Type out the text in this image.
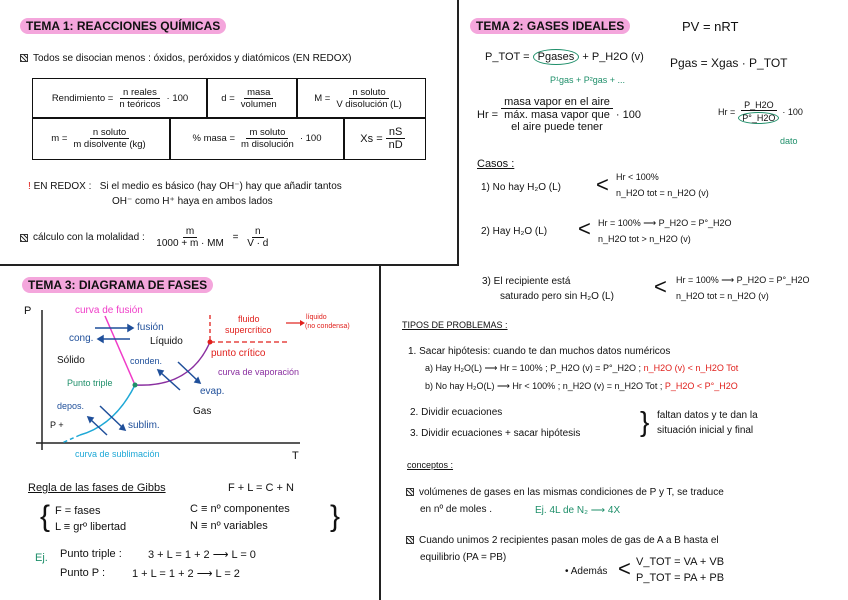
TEMA 1: REACCIONES QUÍMICAS
Todos se disocian menos : óxidos, peróxidos y diatómicos (EN REDOX)
Rendimiento = $\frac{\text{n reales}}{\text{n teóricos}} \cdot 100$	$d = \frac{\text{masa}}{\text{volumen}}$	$M = \frac{\text{n soluto}}{\text{V disolución (L)}}$
$m = \frac{\text{n soluto}}{\text{m disolvente (kg)}}$	% masa = $\frac{\text{m soluto}}{\text{m disolución}} \cdot 100$	$Xs = \frac{nS}{nD}$
! EN REDOX : Si el medio es básico (hay OH⁻) hay que añadir tantos
OH⁻ como H⁺ haya en ambos lados
cálculo con la molalidad :
$\frac{m}{1000 + m \cdot MM}$
=
$\frac{n}{V \cdot d}$
TEMA 2: GASES IDEALES	PV = nRT
P_TOT = Pgases + P_H2O (v)
P¹gas + P²gas + ...
Pgas = Xgas · P_TOT
Hr =
masa vapor en el aire
máx. masa vapor que
el aire puede tener
· 100	$Hr = \frac{P\_H2O}{P^\circ\_H2O} \cdot 100$
dato
Casos :
1) No hay H₂O (L) < Hr < 100%
n_H2O tot = n_H2O (v)
2) Hay H₂O (L) < Hr = 100% ⟶ P_H2O = P°_H2O
n_H2O tot > n_H2O (v)
3) El recipiente está
saturado pero sin H₂O (L) < Hr = 100% ⟶ P_H2O = P°_H2O
n_H2O tot = n_H2O (v)
TEMA 3: DIAGRAMA DE FASES
P
T
curva de fusión
fusión
cong.	Líquido
Sólido	conden.
Punto triple
curva de vaporación
evap.
depos.	Gas
P +	sublim.
curva de sublimación
fluido
supercrítico
líquido
(no condensa)
punto crítico
Regla de las fases de Gibbs	F + L = C + N
{	}
F = fases
L ≡ grº libertad
C ≡ nº componentes
N ≡ nº variables
Ej. Punto triple : 3 + L = 1 + 2 ⟶ L = 0
Punto P : 1 + L = 1 + 2 ⟶ L = 2
TIPOS DE PROBLEMAS :
1. Sacar hipótesis: cuando te dan muchos datos numéricos
a) Hay H₂O(L) ⟶ Hr = 100% ; P_H2O (v) = P°_H2O ; n_H2O (v) < n_H2O Tot
b) No hay H₂O(L) ⟶ Hr < 100% ; n_H2O (v) = n_H2O Tot ; P_H2O < P°_H2O
2. Dividir ecuaciones
3. Dividir ecuaciones + sacar hipótesis } faltan datos y te dan la
situación inicial y final
conceptos :
volúmenes de gases en las mismas condiciones de P y T, se traduce
en nº de moles .	Ej. 4L de N₂ ⟶ 4X
Cuando unimos 2 recipientes pasan moles de gas de A a B hasta el
equilibrio (PA = PB)
• Además < V_TOT = VA + VB
P_TOT = PA + PB
